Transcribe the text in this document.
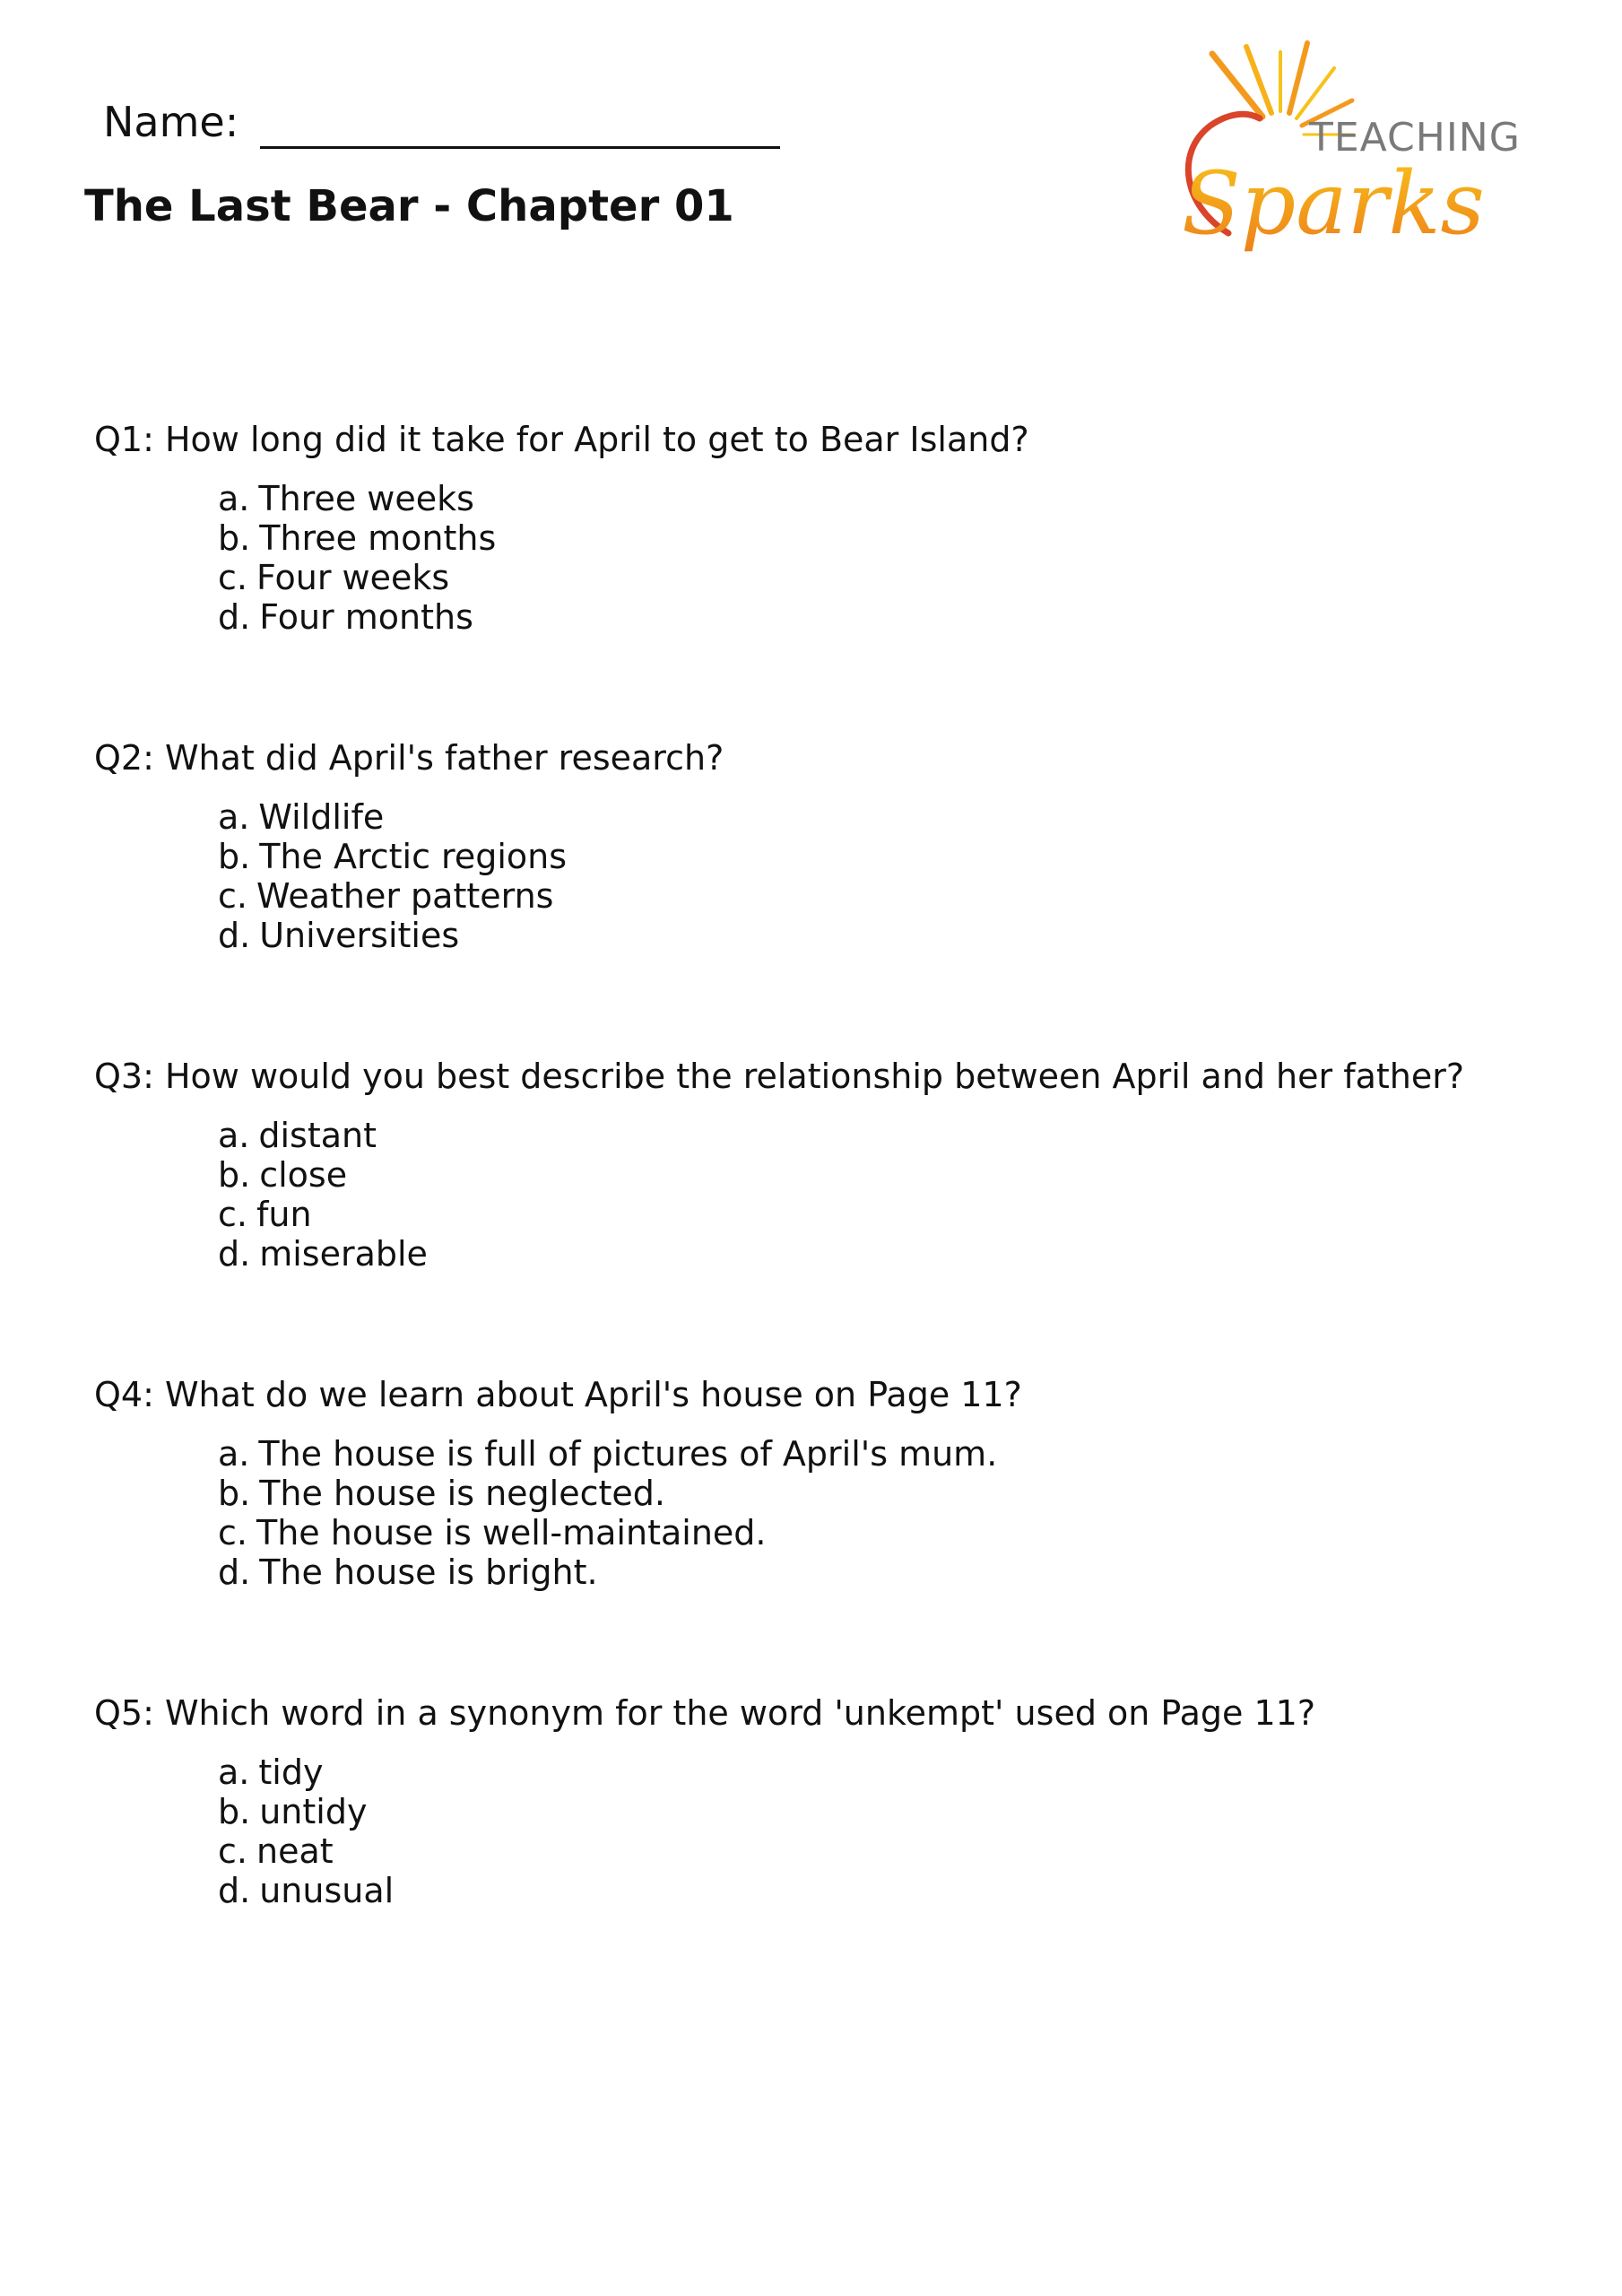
Name:
The Last Bear - Chapter 01
TEACHING
Sparks

Q1: How long did it take for April to get to Bear Island?

a. Three weeks
b. Three months
c. Four weeks
d. Four months

Q2: What did April's father research?

a. Wildlife
b. The Arctic regions
c. Weather patterns
d. Universities

Q3: How would you best describe the relationship between April and her father?

a. distant
b. close
c. fun
d. miserable

Q4: What do we learn about April's house on Page 11?

a. The house is full of pictures of April's mum.
b. The house is neglected.
c. The house is well-maintained.
d. The house is bright.

Q5: Which word in a synonym for the word 'unkempt' used on Page 11?

a. tidy
b. untidy
c. neat
d. unusual
